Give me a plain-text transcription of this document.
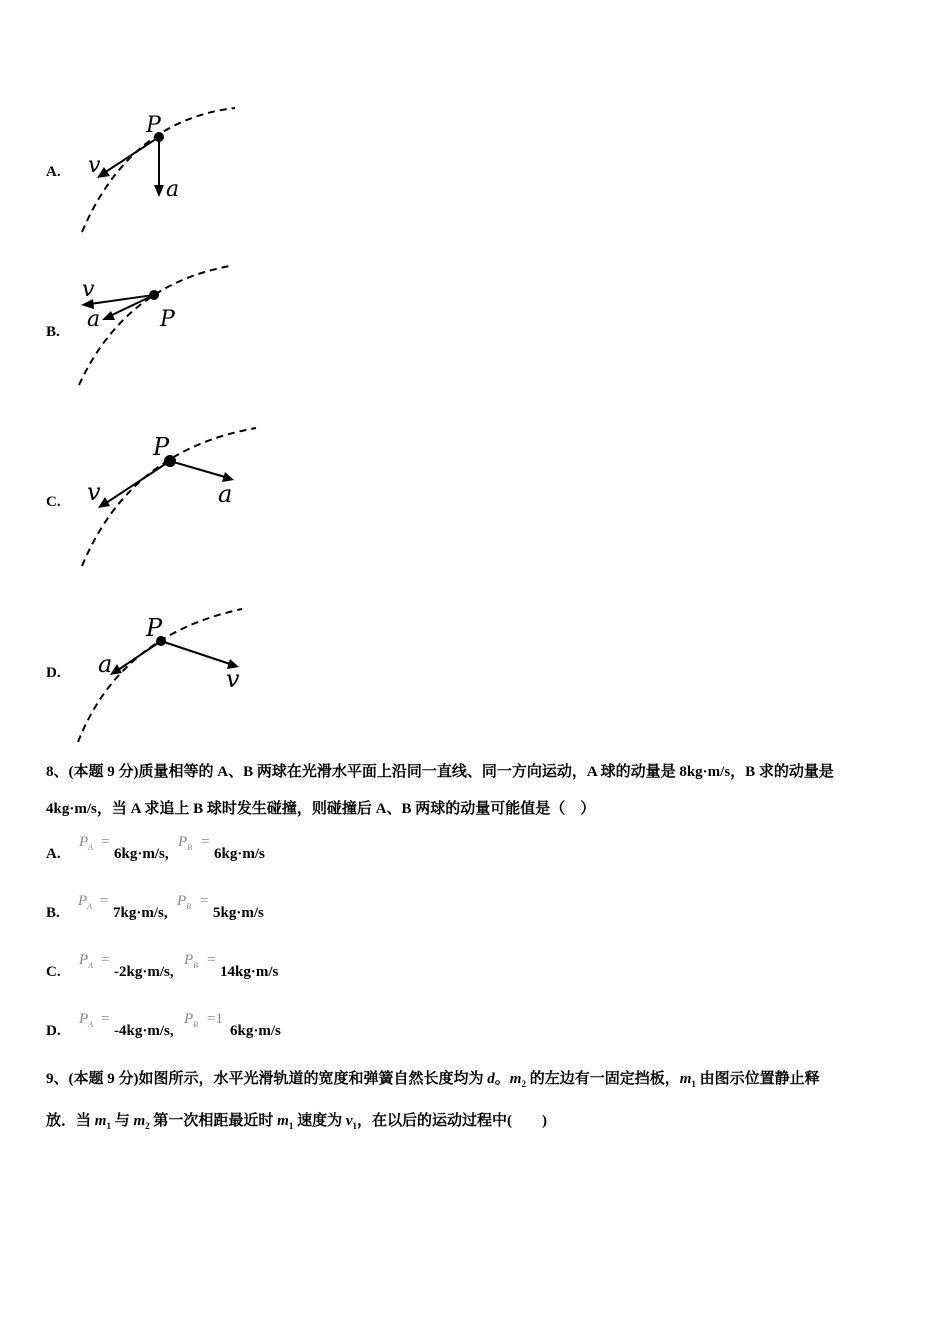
A.
P
v
a
B.
v
a	P
C.
P
v	a
D.
P
a
v
8、(本题 9 分)质量相等的 A、B 两球在光滑水平面上沿同一直线、同一方向运动，A 球的动量是 8kg·m/s，B 求的动量是
4kg·m/s，当 A 求追上 B 球时发生碰撞，则碰撞后 A、B 两球的动量可能值是（　）
A.
$P_A$ =
6kg·m/s,
$P_B$ =
6kg·m/s
B.
$P_A$ =
7kg·m/s,
$P_B$ =
5kg·m/s
C.
$P_A$ =
-2kg·m/s,
$P_B$ =
14kg·m/s
D.
$P_A$ =
-4kg·m/s,
$P_B =1$
6kg·m/s
9、(本题 9 分)如图所示，水平光滑轨道的宽度和弹簧自然长度均为 d。$m_2$ 的左边有一固定挡板，$m_1$ 由图示位置静止释
放．当 $m_1$ 与 $m_2$ 第一次相距最近时 $m_1$ 速度为 $v_1$，在以后的运动过程中(　　)
